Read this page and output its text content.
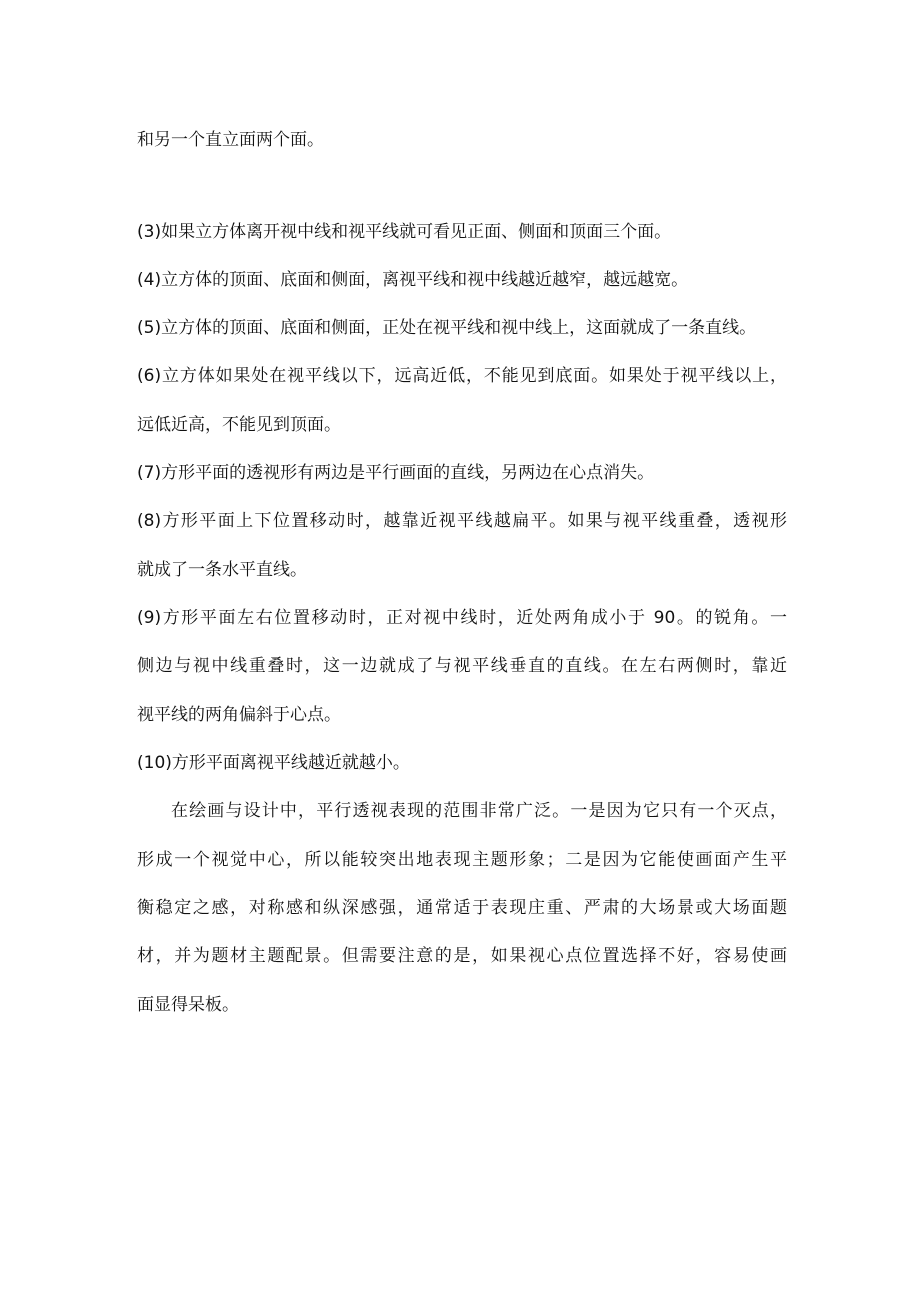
和另一个直立面两个面。
(3)如果立方体离开视中线和视平线就可看见正面、侧面和顶面三个面。
(4)立方体的顶面、底面和侧面，离视平线和视中线越近越窄，越远越宽。
(5)立方体的顶面、底面和侧面，正处在视平线和视中线上，这面就成了一条直线。
(6)立方体如果处在视平线以下，远高近低，不能见到底面。如果处于视平线以上，
远低近高，不能见到顶面。
(7)方形平面的透视形有两边是平行画面的直线，另两边在心点消失。
(8)方形平面上下位置移动时，越靠近视平线越扁平。如果与视平线重叠，透视形
就成了一条水平直线。
(9)方形平面左右位置移动时，正对视中线时，近处两角成小于 90。的锐角。一
侧边与视中线重叠时，这一边就成了与视平线垂直的直线。在左右两侧时，靠近
视平线的两角偏斜于心点。
(10)方形平面离视平线越近就越小。
在绘画与设计中，平行透视表现的范围非常广泛。一是因为它只有一个灭点，
形成一个视觉中心，所以能较突出地表现主题形象；二是因为它能使画面产生平
衡稳定之感，对称感和纵深感强，通常适于表现庄重、严肃的大场景或大场面题
材，并为题材主题配景。但需要注意的是，如果视心点位置选择不好，容易使画
面显得呆板。
